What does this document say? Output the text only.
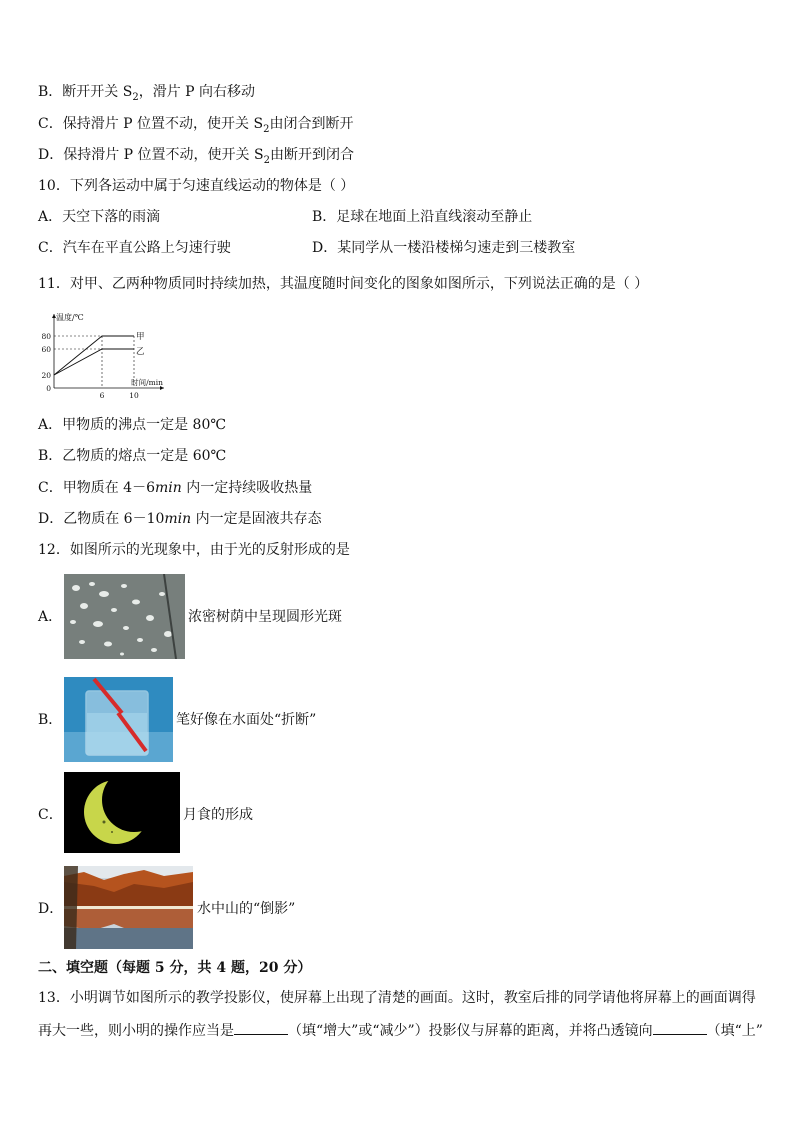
B．断开开关 $S_2$，滑片 P 向右移动
C．保持滑片 P 位置不动，使开关 $S_2$由闭合到断开
D．保持滑片 P 位置不动，使开关 $S_2$由断开到闭合
10．下列各运动中属于匀速直线运动的物体是（ ）
A．天空下落的雨滴	B．足球在地面上沿直线滚动至静止
C．汽车在平直公路上匀速行驶	D．某同学从一楼沿楼梯匀速走到三楼教室
11．对甲、乙两种物质同时持续加热，其温度随时间变化的图象如图所示，下列说法正确的是（ ）
温度/℃
时间/min
0
20
60
80
6	10
甲
乙
A．甲物质的沸点一定是 80℃
B．乙物质的熔点一定是 60℃
C．甲物质在 4－6min 内一定持续吸收热量
D．乙物质在 6－10min 内一定是固液共存态
12．如图所示的光现象中，由于光的反射形成的是
A．	浓密树荫中呈现圆形光斑
B．	笔好像在水面处“折断”
C．	月食的形成
D．	水中山的“倒影”
二、填空题（每题 5 分，共 4 题，20 分）
13．小明调节如图所示的教学投影仪，使屏幕上出现了清楚的画面。这时，教室后排的同学请他将屏幕上的画面调得
再大一些，则小明的操作应当是	（填“增大”或“减少”）投影仪与屏幕的距离，并将凸透镜向	（填“上”
